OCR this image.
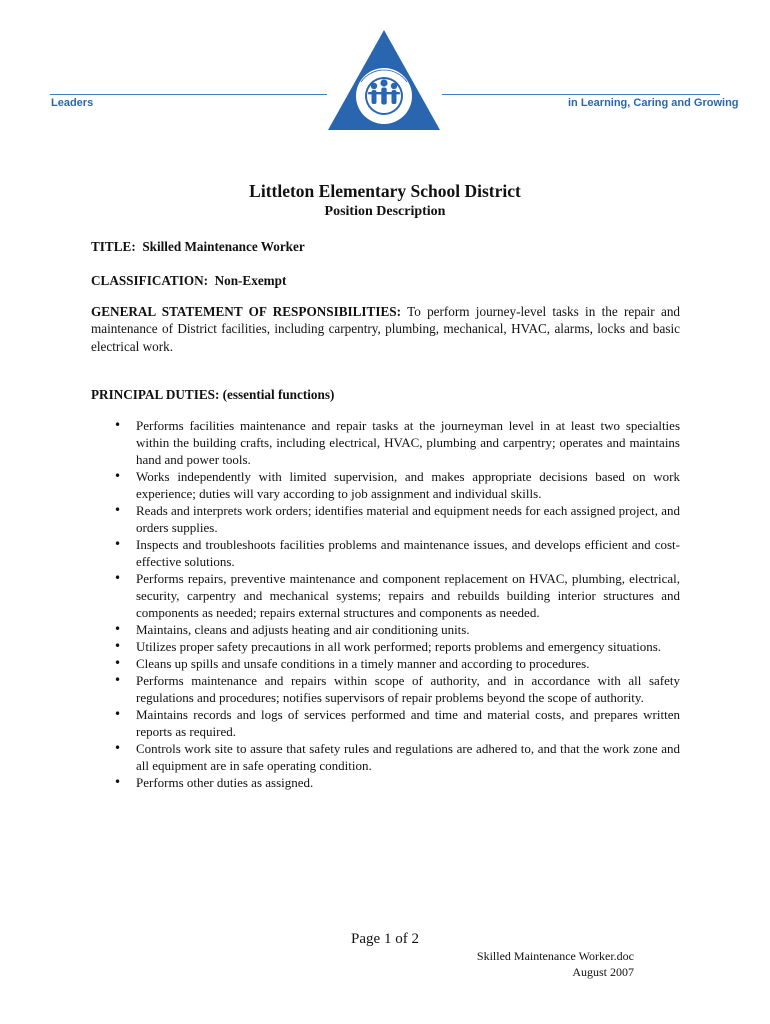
Leaders	in Learning, Caring and Growing
Littleton Elementary School District
Position Description
TITLE: Skilled Maintenance Worker
CLASSIFICATION: Non-Exempt
GENERAL STATEMENT OF RESPONSIBILITIES: To perform journey-level tasks in the repair and maintenance of District facilities, including carpentry, plumbing, mechanical, HVAC, alarms, locks and basic electrical work.
PRINCIPAL DUTIES: (essential functions)
• Performs facilities maintenance and repair tasks at the journeyman level in at least two specialties within the building crafts, including electrical, HVAC, plumbing and carpentry; operates and maintains hand and power tools.
• Works independently with limited supervision, and makes appropriate decisions based on work experience; duties will vary according to job assignment and individual skills.
• Reads and interprets work orders; identifies material and equipment needs for each assigned project, and orders supplies.
• Inspects and troubleshoots facilities problems and maintenance issues, and develops efficient and cost-effective solutions.
• Performs repairs, preventive maintenance and component replacement on HVAC, plumbing, electrical, security, carpentry and mechanical systems; repairs and rebuilds building interior structures and components as needed; repairs external structures and components as needed.
• Maintains, cleans and adjusts heating and air conditioning units.
• Utilizes proper safety precautions in all work performed; reports problems and emergency situations.
• Cleans up spills and unsafe conditions in a timely manner and according to procedures.
• Performs maintenance and repairs within scope of authority, and in accordance with all safety regulations and procedures; notifies supervisors of repair problems beyond the scope of authority.
• Maintains records and logs of services performed and time and material costs, and prepares written reports as required.
• Controls work site to assure that safety rules and regulations are adhered to, and that the work zone and all equipment are in safe operating condition.
• Performs other duties as assigned.
Page 1 of 2
Skilled Maintenance Worker.doc
August 2007
